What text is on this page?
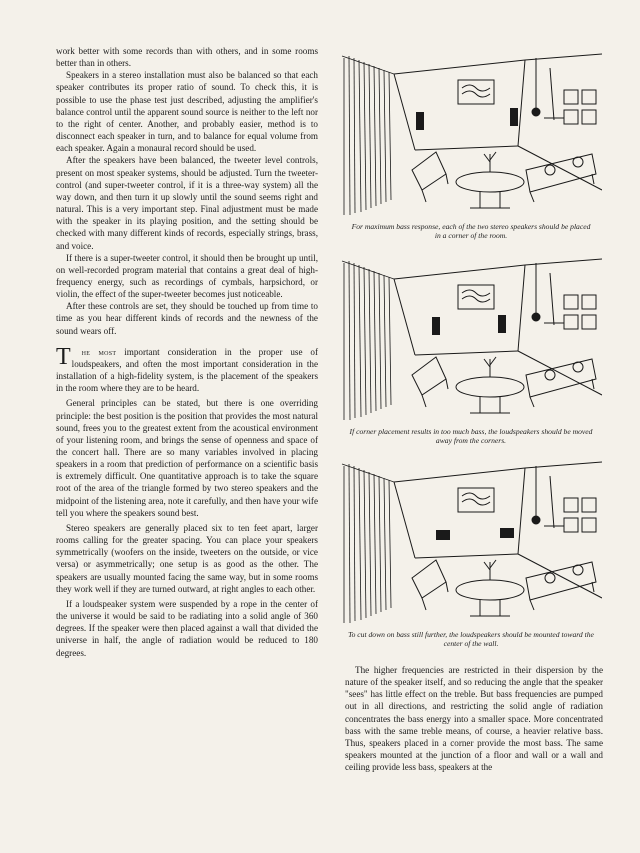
work better with some records than with others, and in some rooms better than in others.

Speakers in a stereo installation must also be balanced so that each speaker contributes its proper ratio of sound. To check this, it is possible to use the phase test just described, adjusting the amplifier's balance control until the apparent sound source is neither to the left nor to the right of center. Another, and probably easier, method is to disconnect each speaker in turn, and to balance for equal volume from each speaker. Again a monaural record should be used.

After the speakers have been balanced, the tweeter level controls, present on most speaker systems, should be adjusted. Turn the tweeter-control (and super-tweeter control, if it is a three-way system) all the way down, and then turn it up slowly until the sound seems right and natural. This is a very important step. Final adjustment must be made with the speaker in its playing position, and the setting should be checked with many different kinds of records, especially strings, brass, and voice.

If there is a super-tweeter control, it should then be brought up until, on well-recorded program material that contains a great deal of high-frequency energy, such as recordings of cymbals, harpsichord, or violin, the effect of the super-tweeter becomes just noticeable.

After these controls are set, they should be touched up from time to time as you hear different kinds of records and the newness of the sound wears off.

T he most important consideration in the proper use of loudspeakers, and often the most important consideration in the installation of a high-fidelity system, is the placement of the speakers in the room where they are to be heard.

General principles can be stated, but there is one overriding principle: the best position is the position that provides the most natural sound, frees you to the greatest extent from the acoustical environment of your listening room, and brings the sense of openness and space of the concert hall. There are so many variables involved in placing speakers in a room that prediction of performance on a scientific basis is extremely difficult. One quantitative approach is to take the square root of the area of the triangle formed by two stereo speakers and the midpoint of the listening area, note it carefully, and then have your wife tell you where the speakers sound best.

Stereo speakers are generally placed six to ten feet apart, larger rooms calling for the greater spacing. You can place your speakers symmetrically (woofers on the inside, tweeters on the outside, or vice versa) or asymmetrically; one setup is as good as the other. The speakers are usually mounted facing the same way, but in some rooms they work well if they are turned outward, at right angles to each other.

If a loudspeaker system were suspended by a rope in the center of the universe it would be said to be radiating into a solid angle of 360 degrees. If the speaker were then placed against a wall that divided the universe in half, the angle of radiation would be reduced to 180 degrees.

For maximum bass response, each of the two stereo speakers should be placed in a corner of the room.
If corner placement results in too much bass, the loudspeakers should be moved away from the corners.
To cut down on bass still further, the loudspeakers should be mounted toward the center of the wall.

The higher frequencies are restricted in their dispersion by the nature of the speaker itself, and so reducing the angle that the speaker "sees" has little effect on the treble. But bass frequencies are pumped out in all directions, and restricting the solid angle of radiation concentrates the bass energy into a smaller space. More concentrated bass with the same treble means, of course, a heavier relative bass. Thus, speakers placed in a corner provide the most bass. The same speakers mounted at the junction of a floor and wall or a wall and ceiling provide less bass, speakers at the
